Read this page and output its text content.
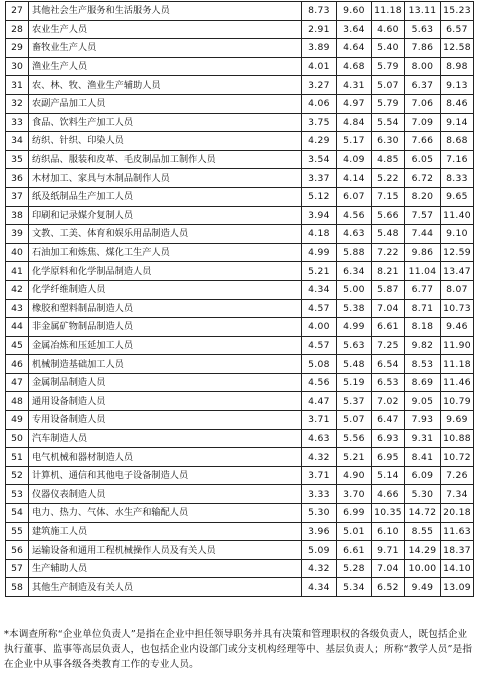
27	其他社会生产服务和生活服务人员	8.73	9.60	11.18	13.11	15.23
28	农业生产人员	2.91	3.64	4.60	5.63	6.57
29	畜牧业生产人员	3.89	4.64	5.40	7.86	12.58
30	渔业生产人员	4.01	4.68	5.79	8.00	8.98
31	农、林、牧、渔业生产辅助人员	3.27	4.31	5.07	6.37	9.13
32	农副产品加工人员	4.06	4.97	5.79	7.06	8.46
33	食品、饮料生产加工人员	3.75	4.84	5.54	7.09	9.14
34	纺织、针织、印染人员	4.29	5.17	6.30	7.66	8.68
35	纺织品、服装和皮革、毛皮制品加工制作人员	3.54	4.09	4.85	6.05	7.16
36	木材加工、家具与木制品制作人员	3.37	4.14	5.22	6.72	8.33
37	纸及纸制品生产加工人员	5.12	6.07	7.15	8.20	9.65
38	印刷和记录媒介复制人员	3.94	4.56	5.66	7.57	11.40
39	文教、工美、体育和娱乐用品制造人员	4.18	4.63	5.48	7.44	9.10
40	石油加工和炼焦、煤化工生产人员	4.99	5.88	7.22	9.86	12.59
41	化学原料和化学制品制造人员	5.21	6.34	8.21	11.04	13.47
42	化学纤维制造人员	4.34	5.00	5.87	6.77	8.07
43	橡胶和塑料制品制造人员	4.57	5.38	7.04	8.71	10.73
44	非金属矿物制品制造人员	4.00	4.99	6.61	8.18	9.46
45	金属冶炼和压延加工人员	4.57	5.63	7.25	9.82	11.90
46	机械制造基础加工人员	5.08	5.48	6.54	8.53	11.18
47	金属制品制造人员	4.56	5.19	6.53	8.69	11.46
48	通用设备制造人员	4.47	5.37	7.02	9.05	10.79
49	专用设备制造人员	3.71	5.07	6.47	7.93	9.69
50	汽车制造人员	4.63	5.56	6.93	9.31	10.88
51	电气机械和器材制造人员	4.32	5.21	6.95	8.41	10.72
52	计算机、通信和其他电子设备制造人员	3.71	4.90	5.14	6.09	7.26
53	仪器仪表制造人员	3.33	3.70	4.66	5.30	7.34
54	电力、热力、气体、水生产和输配人员	5.30	6.99	10.35	14.72	20.18
55	建筑施工人员	3.96	5.01	6.10	8.55	11.63
56	运输设备和通用工程机械操作人员及有关人员	5.09	6.61	9.71	14.29	18.37
57	生产辅助人员	4.32	5.28	7.04	10.00	14.10
58	其他生产制造及有关人员	4.34	5.34	6.52	9.49	13.09
*本调查所称“企业单位负责人”是指在企业中担任领导职务并具有决策和管理职权的各级负责人，既包括企业执行董事、监事等高层负责人，也包括企业内设部门或分支机构经理等中、基层负责人；所称“教学人员”是指在企业中从事各级各类教育工作的专业人员。
